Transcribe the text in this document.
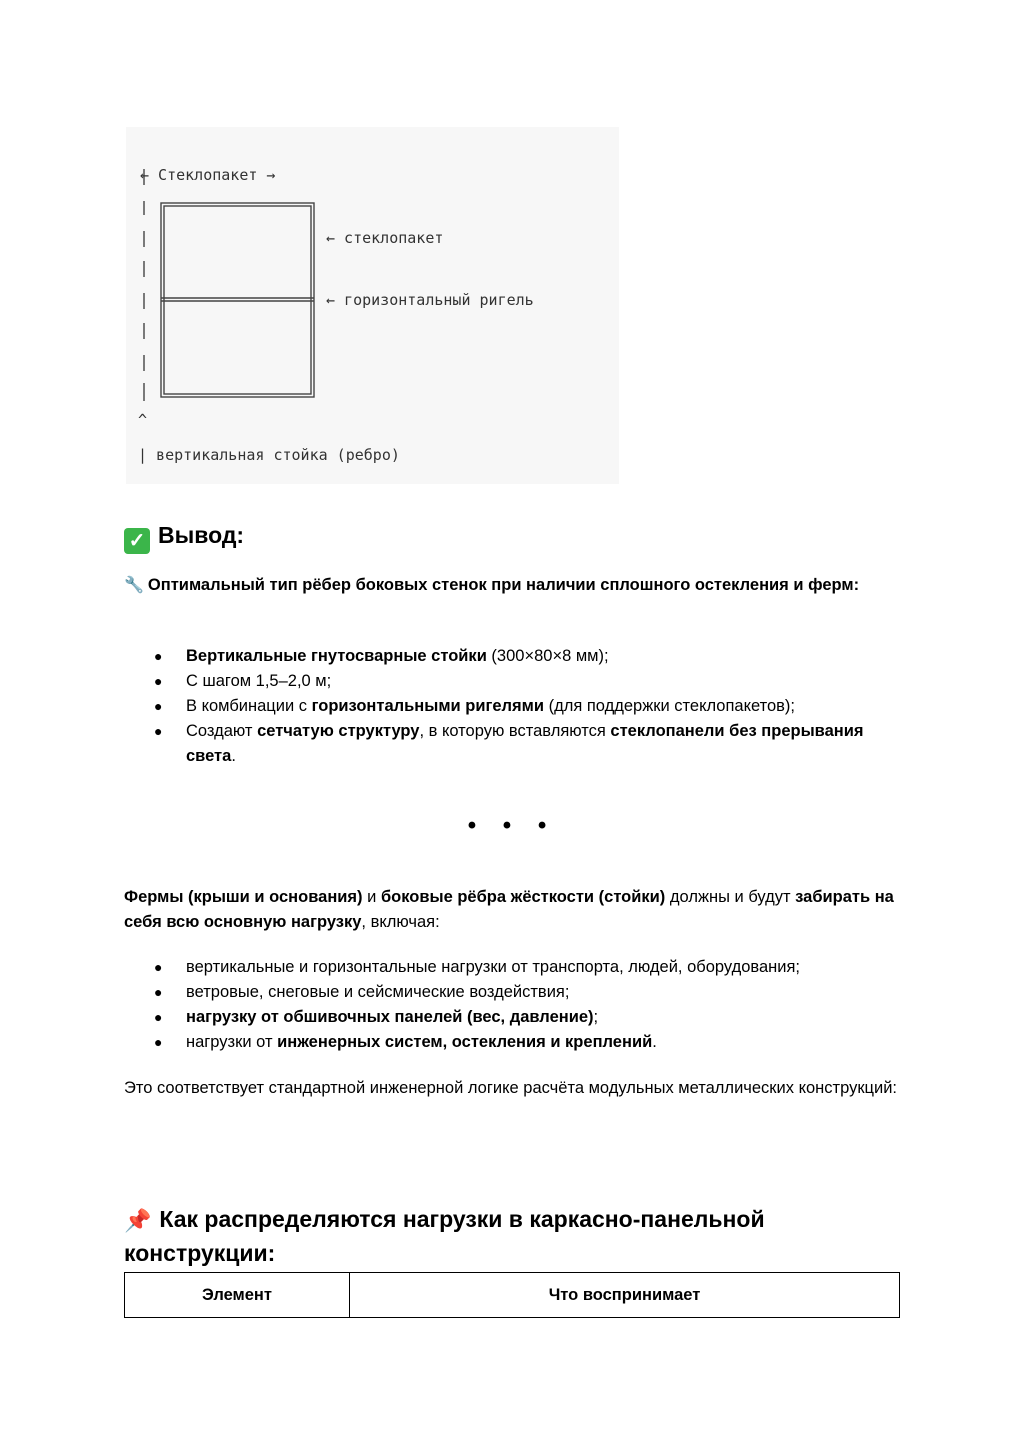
← Стеклопакет →
← стеклопакет
← горизонтальный ригель
^
| вертикальная стойка (ребро)
✓ Вывод:

🔧 Оптимальный тип рёбер боковых стенок при наличии сплошного остекления и ферм:

● Вертикальные гнутосварные стойки (300×80×8 мм);
● С шагом 1,5–2,0 м;
● В комбинации с горизонтальными ригелями (для поддержки стеклопакетов);
● Создают сетчатую структуру, в которую вставляются стеклопанели без прерывания света.
• • •

Фермы (крыши и основания) и боковые рёбра жёсткости (стойки) должны и будут забирать на себя всю основную нагрузку, включая:

● вертикальные и горизонтальные нагрузки от транспорта, людей, оборудования;
● ветровые, снеговые и сейсмические воздействия;
● нагрузку от обшивочных панелей (вес, давление);
● нагрузки от инженерных систем, остекления и креплений.

Это соответствует стандартной инженерной логике расчёта модульных металлических конструкций:

📌 Как распределяются нагрузки в каркасно-панельной конструкции:
Элемент	Что воспринимает
